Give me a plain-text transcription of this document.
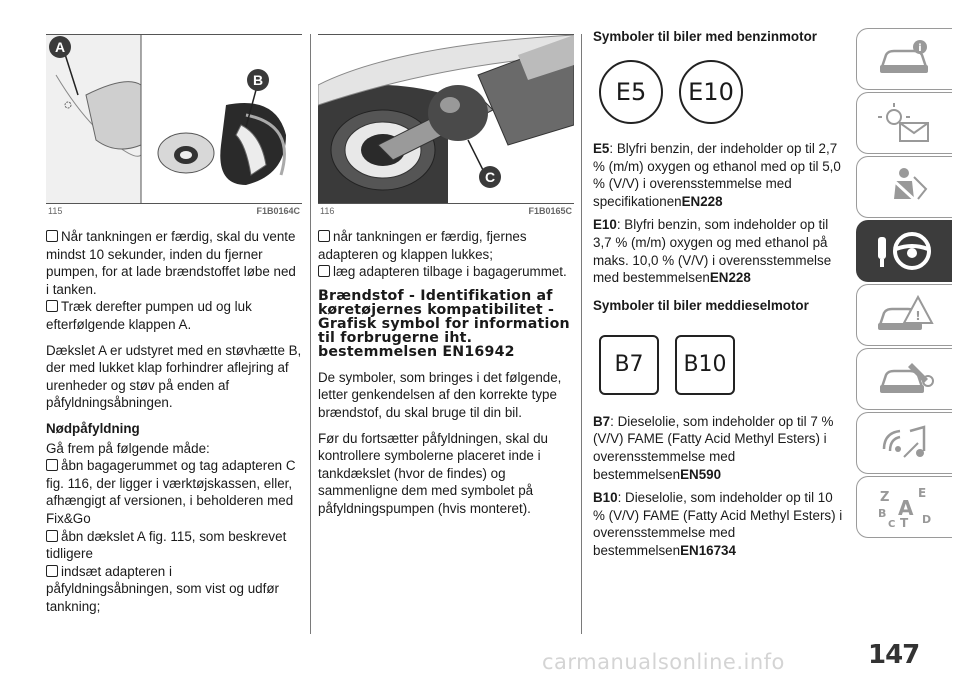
A
B
115	F1B0164C

Når tankningen er færdig, skal du vente mindst 10 sekunder, inden du fjerner pumpen, for at lade brændstoffet løbe ned i tanken.

Træk derefter pumpen ud og luk efterfølgende klappen A.

Dækslet A er udstyret med en støvhætte B, der med lukket klap forhindrer aflejring af urenheder og støv på enden af påfyldningsåbningen.

Nødpåfyldning

Gå frem på følgende måde:

åbn bagagerummet og tag adapteren C fig. 116, der ligger i værktøjskassen, eller, afhængigt af versionen, i beholderen med Fix&Go

åbn dækslet A fig. 115, som beskrevet tidligere

indsæt adapteren i påfyldningsåbningen, som vist og udfør tankning;

C
116	F1B0165C

når tankningen er færdig, fjernes adapteren og klappen lukkes;

læg adapteren tilbage i bagagerummet.

Brændstof - Identifikation af køretøjernes kompatibilitet - Grafisk symbol for information til forbrugerne iht. bestemmelsen EN16942

De symboler, som bringes i det følgende, letter genkendelsen af den korrekte type brændstof, du skal bruge til din bil.

Før du fortsætter påfyldningen, skal du kontrollere symbolerne placeret inde i tankdækslet (hvor de findes) og sammenligne dem med symbolet på påfyldningspumpen (hvis monteret).

Symboler til biler med benzinmotor
E5	E10

E5: Blyfri benzin, der indeholder op til 2,7 % (m/m) oxygen og ethanol med op til 5,0 % (V/V) i overensstemmelse med specifikationenEN228

E10: Blyfri benzin, som indeholder op til 3,7 % (m/m) oxygen og med ethanol på maks. 10,0 % (V/V) i overensstemmelse med bestemmelsenEN228

Symboler til biler meddieselmotor
B7	B10

B7: Dieselolie, som indeholder op til 7 % (V/V) FAME (Fatty Acid Methyl Esters) i overensstemmelse med bestemmelsenEN590

B10: Dieselolie, som indeholder op til 10 % (V/V) FAME (Fatty Acid Methyl Esters) i overensstemmelse med bestemmelsenEN16734

i
!
Z E
B A
C T D
147
carmanualsonline.info
